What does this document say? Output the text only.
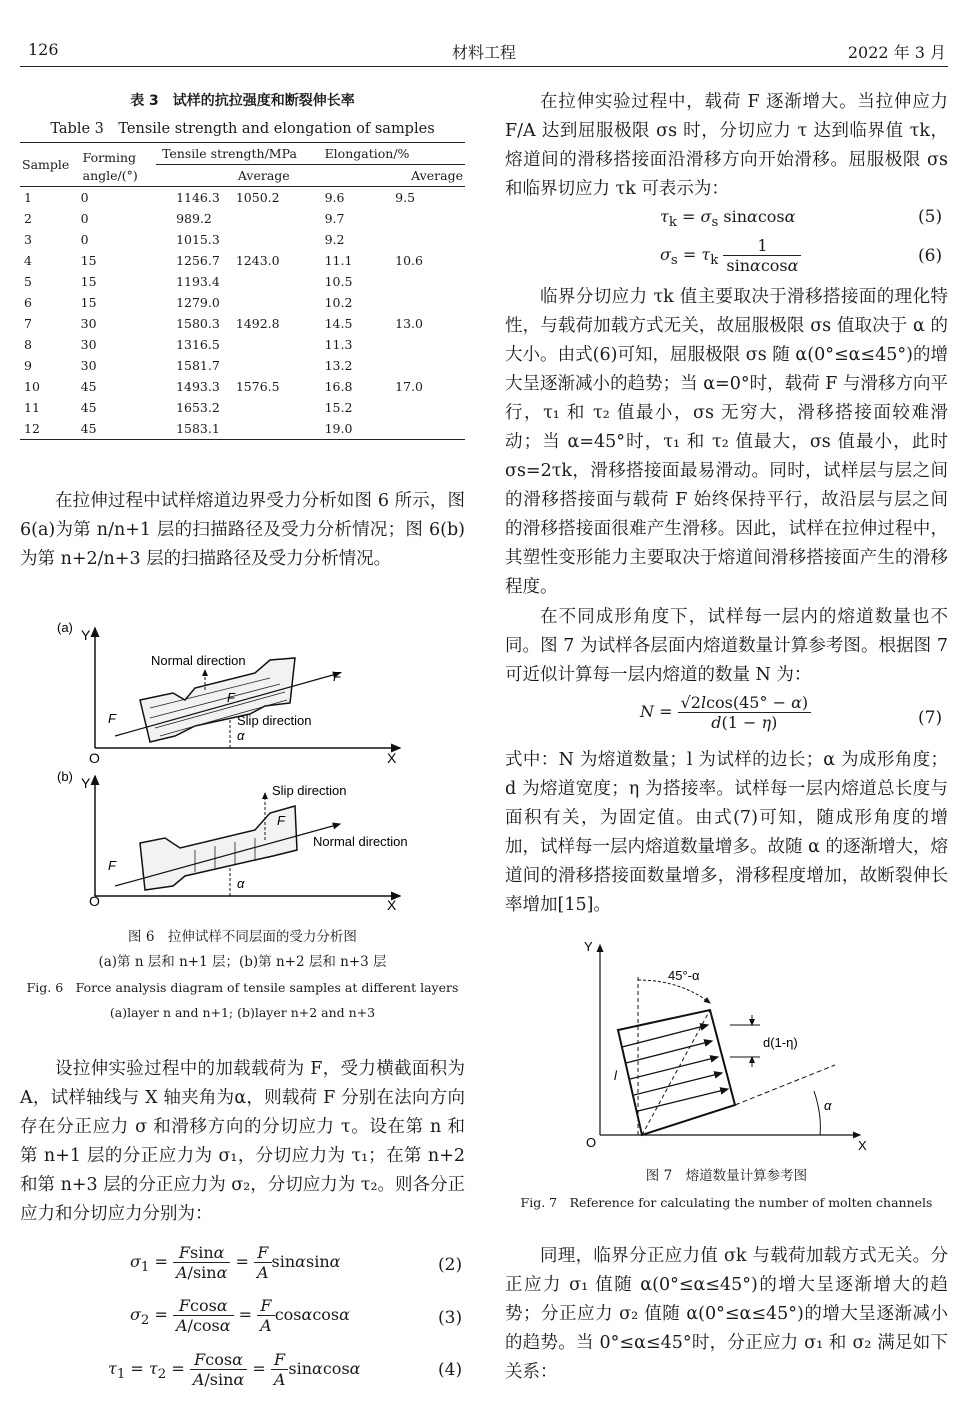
126	材料工程	2022 年 3 月
表 3　试样的抗拉强度和断裂伸长率
Table 3　Tensile strength and elongation of samples
Sample	Forming	Tensile strength/MPa		Elongation/%	
	angle/(°)		Average		Average
1	0	1146.3	1050.2	9.6	9.5
2	0	989.2		9.7	
3	0	1015.3		9.2	
4	15	1256.7	1243.0	11.1	10.6
5	15	1193.4		10.5	
6	15	1279.0		10.2	
7	30	1580.3	1492.8	14.5	13.0
8	30	1316.5		11.3	
9	30	1581.7		13.2	
10	45	1493.3	1576.5	16.8	17.0
11	45	1653.2		15.2	
12	45	1583.1		19.0	

在拉伸过程中试样熔道边界受力分析如图 6 所示，图 6(a)为第 n/n+1 层的扫描路径及受力分析情况；图 6(b)为第 n+2/n+3 层的扫描路径及受力分析情况。

(a) Y
X
O
Normal direction
F
F
F
Slip direction
α
(b) Y
X
O
Slip direction
F
Normal direction
F
α
图 6　拉伸试样不同层面的受力分析图
(a)第 n 层和 n+1 层；(b)第 n+2 层和 n+3 层
Fig. 6　Force analysis diagram of tensile samples at different layers
(a)layer n and n+1; (b)layer n+2 and n+3

设拉伸实验过程中的加载载荷为 F，受力横截面积为 A，试样轴线与 X 轴夹角为α，则载荷 F 分别在法向方向存在分正应力 σ 和滑移方向的分切应力 τ。设在第 n 和第 n+1 层的分正应力为 σ₁，分切应力为 τ₁；在第 n+2 和第 n+3 层的分正应力为 σ₂，分切应力为 τ₂。则各分正应力和分切应力分别为：

$\sigma_1 = \frac{Fsin\alpha}{A/\sin\alpha} = \frac{F}{A}$ sinαsinα	(2)
$\sigma_2 = \frac{Fcos\alpha}{A/\cos\alpha} = \frac{F}{A}$ cosαcosα	(3)
$\tau_1 = \tau_2 = \frac{Fcos\alpha}{A/\sin\alpha} = \frac{F}{A}$ sinαcosα	(4)

在拉伸实验过程中，载荷 F 逐渐增大。当拉伸应力 F/A 达到屈服极限 σs 时，分切应力 τ 达到临界值 τk，熔道间的滑移搭接面沿滑移方向开始滑移。屈服极限 σs 和临界切应力 τk 可表示为：

$\tau_k = \sigma_s$ sinαcosα	(5)
$\sigma_s = \tau_k \frac{1}{\sin\alpha\cos\alpha}$	(6)

临界分切应力 τk 值主要取决于滑移搭接面的理化特性，与载荷加载方式无关，故屈服极限 σs 值取决于 α 的大小。由式(6)可知，屈服极限 σs 随 α(0°≤α≤45°)的增大呈逐渐减小的趋势；当 α=0°时，载荷 F 与滑移方向平行，τ₁ 和 τ₂ 值最小，σs 无穷大，滑移搭接面较难滑动；当 α=45°时，τ₁ 和 τ₂ 值最大，σs 值最小，此时 σs=2τk，滑移搭接面最易滑动。同时，试样层与层之间的滑移搭接面与载荷 F 始终保持平行，故沿层与层之间的滑移搭接面很难产生滑移。因此，试样在拉伸过程中，其塑性变形能力主要取决于熔道间滑移搭接面产生的滑移程度。

在不同成形角度下，试样每一层内的熔道数量也不同。图 7 为试样各层面内熔道数量计算参考图。根据图 7 可近似计算每一层内熔道的数量 N 为：

$N = \frac{√2lcos(45^\circ - \alpha)}{d(1 - \eta)}$	(7)

式中：N 为熔道数量；l 为试样的边长；α 为成形角度；d 为熔道宽度；η 为搭接率。试样每一层内熔道总长度与面积有关，为固定值。由式(7)可知，随成形角度的增加，试样每一层内熔道数量增多。故随 α 的逐渐增大，熔道间的滑移搭接面数量增多，滑移程度增加，故断裂伸长率增加[15]。

Y
X
O
45°-α
d(1-η)
l
α
图 7　熔道数量计算参考图
Fig. 7　Reference for calculating the number of molten channels

同理，临界分正应力值 σk 与载荷加载方式无关。分正应力 σ₁ 值随 α(0°≤α≤45°)的增大呈逐渐增大的趋势；分正应力 σ₂ 值随 α(0°≤α≤45°)的增大呈逐渐减小的趋势。当 0°≤α≤45°时，分正应力 σ₁ 和 σ₂ 满足如下关系：
